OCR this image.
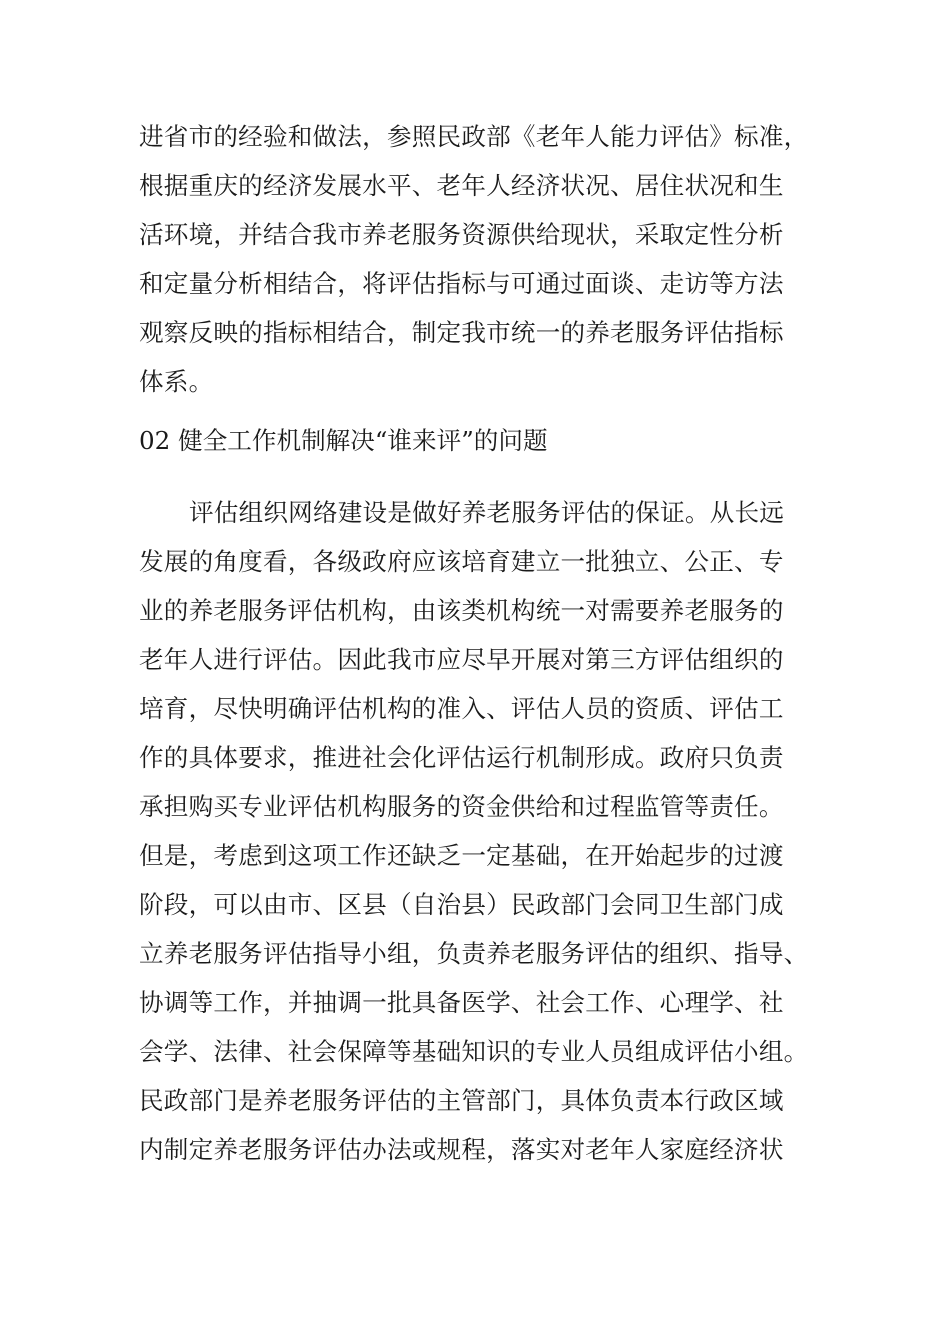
进省市的经验和做法，参照民政部《老年人能力评估》标准，
根据重庆的经济发展水平、老年人经济状况、居住状况和生
活环境，并结合我市养老服务资源供给现状，采取定性分析
和定量分析相结合，将评估指标与可通过面谈、走访等方法
观察反映的指标相结合，制定我市统一的养老服务评估指标
体系。
02 健全工作机制解决“谁来评”的问题
评估组织网络建设是做好养老服务评估的保证。从长远
发展的角度看，各级政府应该培育建立一批独立、公正、专
业的养老服务评估机构，由该类机构统一对需要养老服务的
老年人进行评估。因此我市应尽早开展对第三方评估组织的
培育，尽快明确评估机构的准入、评估人员的资质、评估工
作的具体要求，推进社会化评估运行机制形成。政府只负责
承担购买专业评估机构服务的资金供给和过程监管等责任。
但是，考虑到这项工作还缺乏一定基础，在开始起步的过渡
阶段，可以由市、区县（自治县）民政部门会同卫生部门成
立养老服务评估指导小组，负责养老服务评估的组织、指导、
协调等工作，并抽调一批具备医学、社会工作、心理学、社
会学、法律、社会保障等基础知识的专业人员组成评估小组。
民政部门是养老服务评估的主管部门，具体负责本行政区域
内制定养老服务评估办法或规程，落实对老年人家庭经济状
